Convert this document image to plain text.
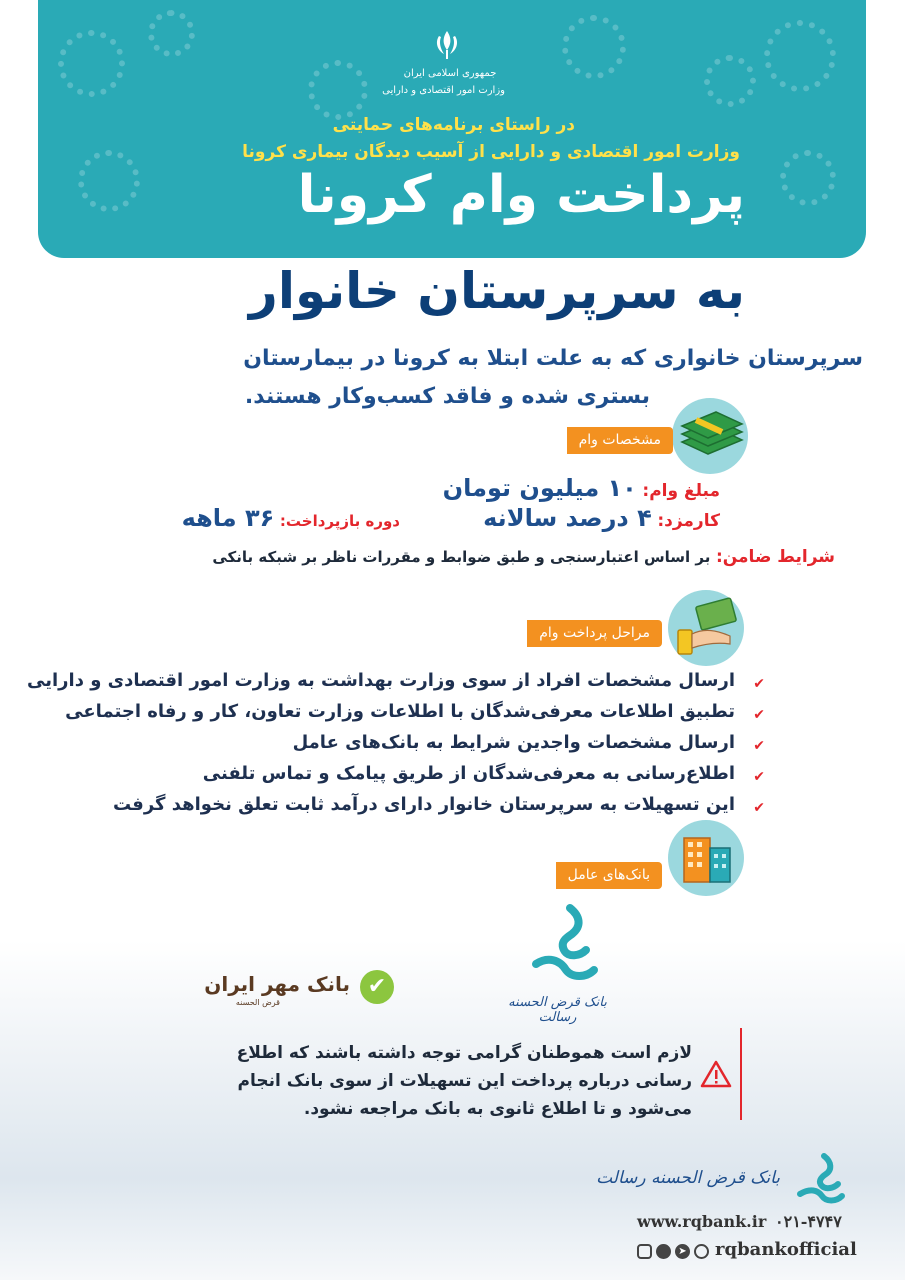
جمهوری اسلامی ایران
وزارت امور اقتصادی و دارایی
در راستای برنامه‌های حمایتی
وزارت امور اقتصادی و دارایی از آسیب دیدگان بیماری کرونا
پرداخت وام کرونا
به سرپرستان خانوار
سرپرستان خانواری که به علت ابتلا به کرونا در بیمارستان
بستری شده و فاقد کسب‌وکار هستند.
مشخصات وام
مبلغ وام: ۱۰ میلیون تومان
کارمزد: ۴ درصد سالانه
دوره بازپرداخت: ۳۶ ماهه
شرایط ضامن: بر اساس اعتبارسنجی و طبق ضوابط و مقررات ناظر بر شبکه بانکی
مراحل پرداخت وام
✔
ارسال مشخصات افراد از سوی وزارت بهداشت به وزارت امور اقتصادی و دارایی
✔
تطبیق اطلاعات معرفی‌شدگان با اطلاعات وزارت تعاون، کار و رفاه اجتماعی
✔
ارسال مشخصات واجدین شرایط به بانک‌های عامل
✔
اطلاع‌رسانی به معرفی‌شدگان از طریق پیامک و تماس تلفنی
✔
این تسهیلات به سرپرستان خانوار دارای درآمد ثابت تعلق نخواهد گرفت
بانک‌های عامل
بانک قرض الحسنه رسالت
✔
بانک مهر ایران
قرض الحسنه
لازم است هموطنان گرامی توجه داشته باشند که اطلاع
رسانی درباره پرداخت این تسهیلات از سوی بانک انجام
می‌شود و تا اطلاع ثانوی به بانک مراجعه نشود.
بانک قرض الحسنه رسالت
www.rqbank.ir ۰۲۱-۴۷۴۷
➤ rqbankofficial
